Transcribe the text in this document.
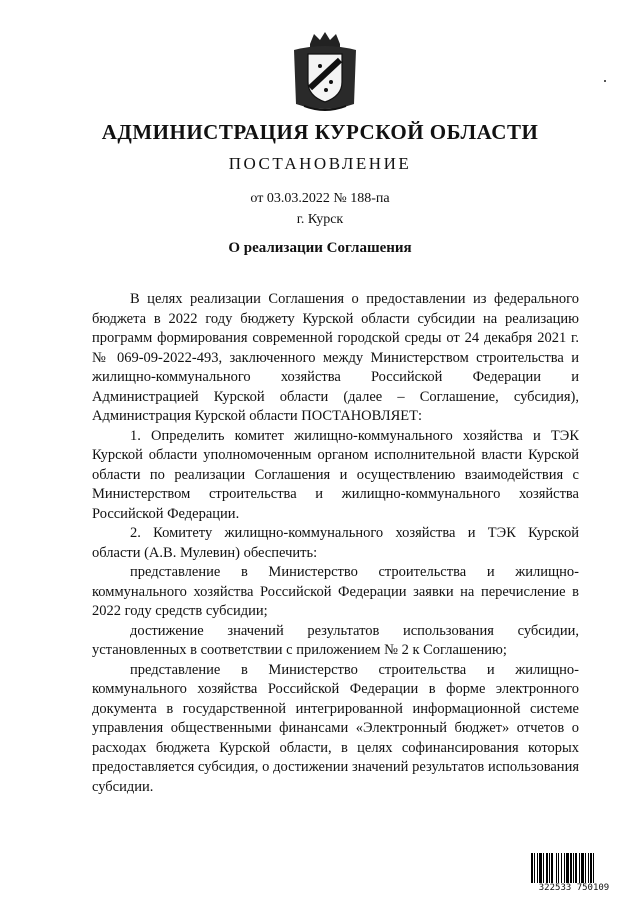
АДМИНИСТРАЦИЯ КУРСКОЙ ОБЛАСТИ
ПОСТАНОВЛЕНИЕ
от 03.03.2022 № 188-па
г. Курск
О реализации Соглашения

В целях реализации Соглашения о предоставлении из федерального бюджета в 2022 году бюджету Курской области субсидии на реализацию программ формирования современной городской среды от 24 декабря 2021 г. № 069-09-2022-493, заключенного между Министерством строительства и жилищно-коммунального хозяйства Российской Федерации и Администрацией Курской области (далее – Соглашение, субсидия), Администрация Курской области ПОСТАНОВЛЯЕТ:

1. Определить комитет жилищно-коммунального хозяйства и ТЭК Курской области уполномоченным органом исполнительной власти Курской области по реализации Соглашения и осуществлению взаимодействия с Министерством строительства и жилищно-коммунального хозяйства Российской Федерации.

2. Комитету жилищно-коммунального хозяйства и ТЭК Курской области (А.В. Мулевин) обеспечить:

представление в Министерство строительства и жилищно-коммунального хозяйства Российской Федерации заявки на перечисление в 2022 году средств субсидии;

достижение значений результатов использования субсидии, установленных в соответствии с приложением № 2 к Соглашению;

представление в Министерство строительства и жилищно-коммунального хозяйства Российской Федерации в форме электронного документа в государственной интегрированной информационной системе управления общественными финансами «Электронный бюджет» отчетов о расходах бюджета Курской области, в целях софинансирования которых предоставляется субсидия, о достижении значений результатов использования субсидии.

322533 750109
